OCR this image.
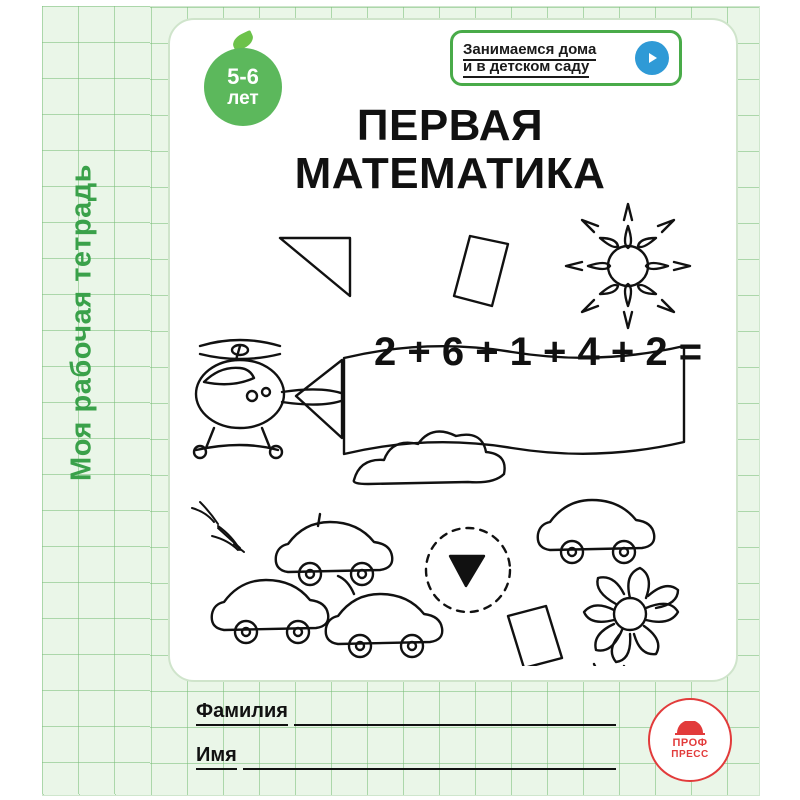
Моя рабочая тетрадь
5-6
лет
Занимаемся дома
и в детском саду
ПЕРВАЯ
МАТЕМАТИКА
2 + 6 + 1 + 4 + 2 =
Фамилия
Имя
ПРОФ
ПРЕСС
